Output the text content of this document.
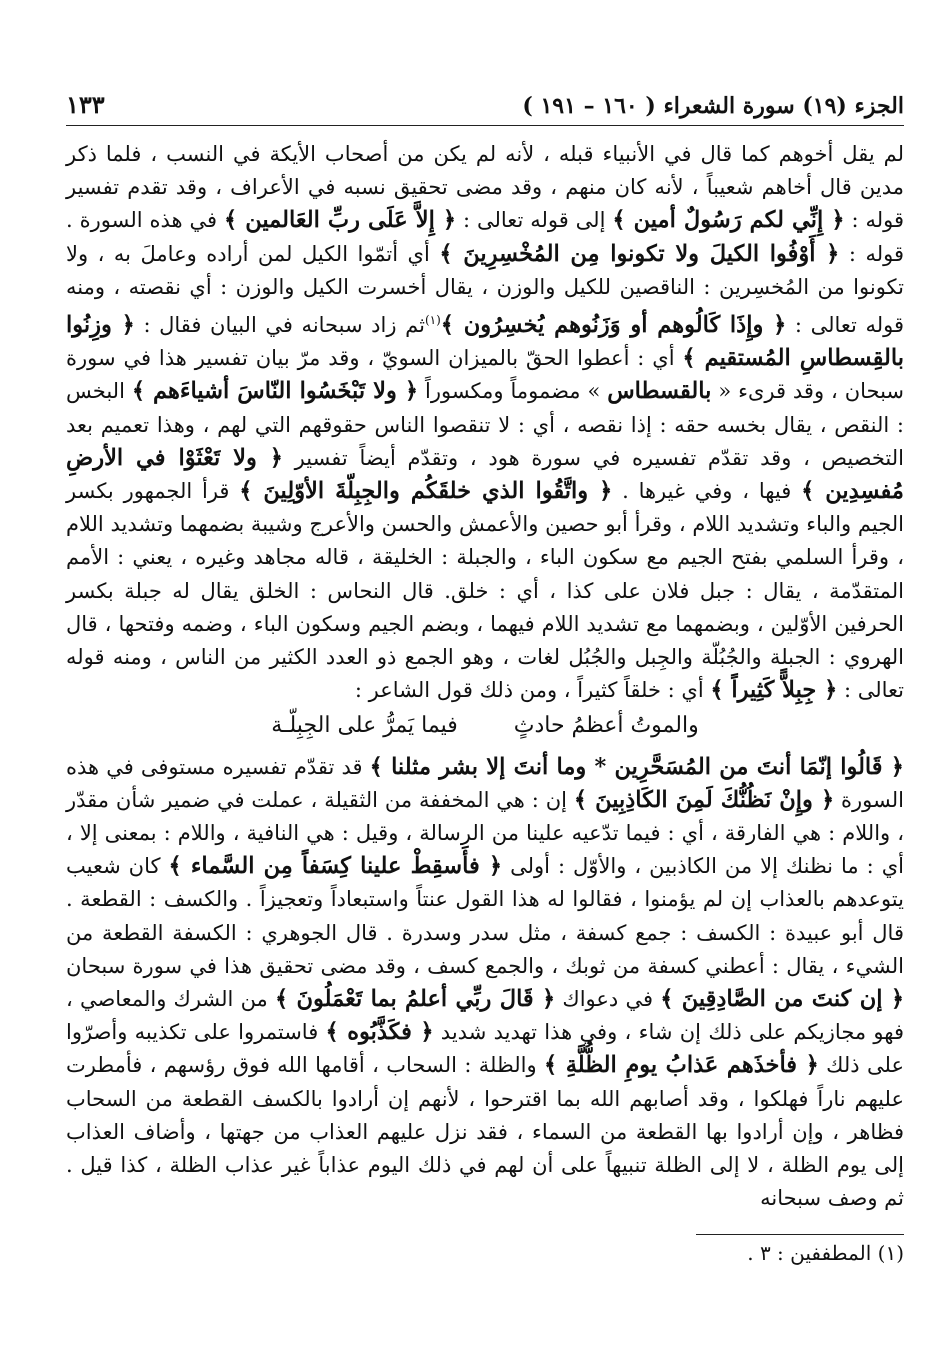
الجزء (١٩) سورة الشعراء ( ١٦٠ – ١٩١ )
١٣٣

لم يقل أخوهم كما قال في الأنبياء قبله ، لأنه لم يكن من أصحاب الأيكة في النسب ، فلما ذكر مدين قال أخاهم شعيباً ، لأنه كان منهم ، وقد مضى تحقيق نسبه في الأعراف ، وقد تقدم تفسير قوله : ﴿ إِنِّي لكم رَسُولٌ أمين ﴾ إلى قوله تعالى : ﴿ إِلاَّ عَلَى ربِّ العَالمين ﴾ في هذه السورة . قوله : ﴿ أَوْفُوا الكيلَ ولا تكونوا مِن المُخْسِرِينَ ﴾ أي أتمّوا الكيل لمن أراده وعاملَ به ، ولا تكونوا من المُخسِرين : الناقصين للكيل والوزن ، يقال أخسرت الكيل والوزن : أي نقصته ، ومنه قوله تعالى : ﴿ وإِذَا كَالُوهم أو وَزَنُوهم يُخسِرُون ﴾$^{(١)}$ثم زاد سبحانه في البيان فقال : ﴿ وزِنُوا بالقِسطاسِ المُستقيم ﴾ أي : أعطوا الحقّ بالميزان السويّ ، وقد مرّ بيان تفسير هذا في سورة سبحان ، وقد قرىء « بالقسطاس » مضموماً ومكسوراً ﴿ ولا تَبْخَسُوا النّاسَ أشياءَهم ﴾ البخس : النقص ، يقال بخسه حقه : إذا نقصه ، أي : لا تنقصوا الناس حقوقهم التي لهم ، وهذا تعميم بعد التخصيص ، وقد تقدّم تفسيره في سورة هود ، وتقدّم أيضاً تفسير ﴿ ولا تَعْثَوْا في الأرضِ مُفسِدِين ﴾ فيها ، وفي غيرها . ﴿ واتَّقُوا الذي خلقَكُم والجِبِلّةَ الأوّلِينَ ﴾ قرأ الجمهور بكسر الجيم والباء وتشديد اللام ، وقرأ أبو حصين والأعمش والحسن والأعرج وشيبة بضمهما وتشديد اللام ، وقرأ السلمي بفتح الجيم مع سكون الباء ، والجبلة : الخليقة ، قاله مجاهد وغيره ، يعني : الأمم المتقدّمة ، يقال : جبل فلان على كذا ، أي : خلق. قال النحاس : الخلق يقال له جبلة بكسر الحرفين الأوّلين ، وبضمهما مع تشديد اللام فيهما ، وبضم الجيم وسكون الباء ، وضمه وفتحها ، قال الهروي : الجبلة والجُبُلّة والجِبل والجُبُل لغات ، وهو الجمع ذو العدد الكثير من الناس ، ومنه قوله تعالى : ﴿ جِبِلاًّ كَثِيراً ﴾ أي : خلقاً كثيراً ، ومن ذلك قول الشاعر :

والموتُ أعظمُ حادثٍ
فيما يَمرُّ على الجِبِلّـة

﴿ قَالُوا إنّمَا أنتَ من المُسَحَّرِين * وما أنتَ إلا بشر مثلنا ﴾ قد تقدّم تفسيره مستوفى في هذه السورة ﴿ وإِنْ نَظُنُّكَ لَمِنَ الكَاذِبِينَ ﴾ إن : هي المخففة من الثقيلة ، عملت في ضمير شأن مقدّر ، واللام : هي الفارقة ، أي : فيما تدّعيه علينا من الرسالة ، وقيل : هي النافية ، واللام : بمعنى إلا ، أي : ما نظنك إلا من الكاذبين ، والأوّل : أولى ﴿ فأَسقِطْ علينا كِسَفاً مِن السَّماء ﴾ كان شعيب يتوعدهم بالعذاب إن لم يؤمنوا ، فقالوا له هذا القول عنتاً واستبعاداً وتعجيزاً . والكسف : القطعة . قال أبو عبيدة : الكسف : جمع كسفة ، مثل سدر وسدرة . قال الجوهري : الكسفة القطعة من الشيء ، يقال : أعطني كسفة من ثوبك ، والجمع كسف ، وقد مضى تحقيق هذا في سورة سبحان ﴿ إن كنتَ من الصَّادِقِينَ ﴾ في دعواك ﴿ قَالَ ربِّي أعلمُ بما تَعْمَلُونَ ﴾ من الشرك والمعاصي ، فهو مجازيكم على ذلك إن شاء ، وفي هذا تهديد شديد ﴿ فكَذَّبُوه ﴾ فاستمروا على تكذيبه وأصرّوا على ذلك ﴿ فأخذَهم عَذابُ يومِ الظُّلَّةِ ﴾ والظلة : السحاب ، أقامها الله فوق رؤسهم ، فأمطرت عليهم ناراً فهلكوا ، وقد أصابهم الله بما اقترحوا ، لأنهم إن أرادوا بالكسف القطعة من السحاب فظاهر ، وإن أرادوا بها القطعة من السماء ، فقد نزل عليهم العذاب من جهتها ، وأضاف العذاب إلى يوم الظلة ، لا إلى الظلة تنبيهاً على أن لهم في ذلك اليوم عذاباً غير عذاب الظلة ، كذا قيل . ثم وصف سبحانه

(١) المطففين : ٣ .
